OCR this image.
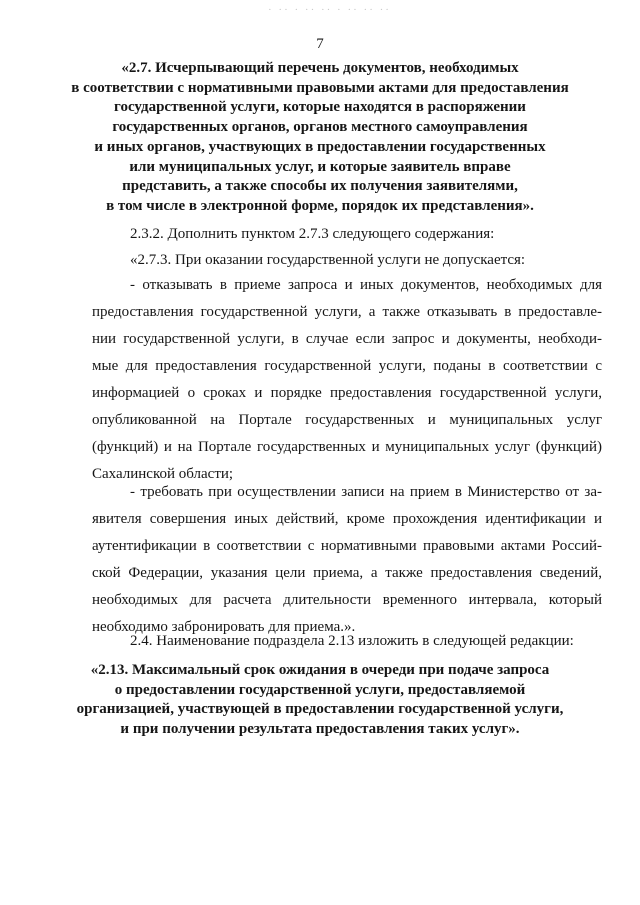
· ·· · ·· ·· · ·· ·· ··
7
«2.7. Исчерпывающий перечень документов, необходимых
в соответствии с нормативными правовыми актами для предоставления
государственной услуги, которые находятся в распоряжении
государственных органов, органов местного самоуправления
и иных органов, участвующих в предоставлении государственных
или муниципальных услуг, и которые заявитель вправе
представить, а также способы их получения заявителями,
в том числе в электронной форме, порядок их представления».
2.3.2. Дополнить пунктом 2.7.3 следующего содержания:
«2.7.3. При оказании государственной услуги не допускается:
- отказывать в приеме запроса и иных документов, необходимых для
предоставления государственной услуги, а также отказывать в предоставле-
нии государственной услуги, в случае если запрос и документы, необходи-
мые для предоставления государственной услуги, поданы в соответствии с
информацией о сроках и порядке предоставления государственной услуги,
опубликованной на Портале государственных и муниципальных услуг
(функций) и на Портале государственных и муниципальных услуг (функций)
Сахалинской области;
- требовать при осуществлении записи на прием в Министерство от за-
явителя совершения иных действий, кроме прохождения идентификации и
аутентификации в соответствии с нормативными правовыми актами Россий-
ской Федерации, указания цели приема, а также предоставления сведений,
необходимых для расчета длительности временного интервала, который
необходимо забронировать для приема.».
2.4. Наименование подраздела 2.13 изложить в следующей редакции:
«2.13. Максимальный срок ожидания в очереди при подаче запроса
о предоставлении государственной услуги, предоставляемой
организацией, участвующей в предоставлении государственной услуги,
и при получении результата предоставления таких услуг».
